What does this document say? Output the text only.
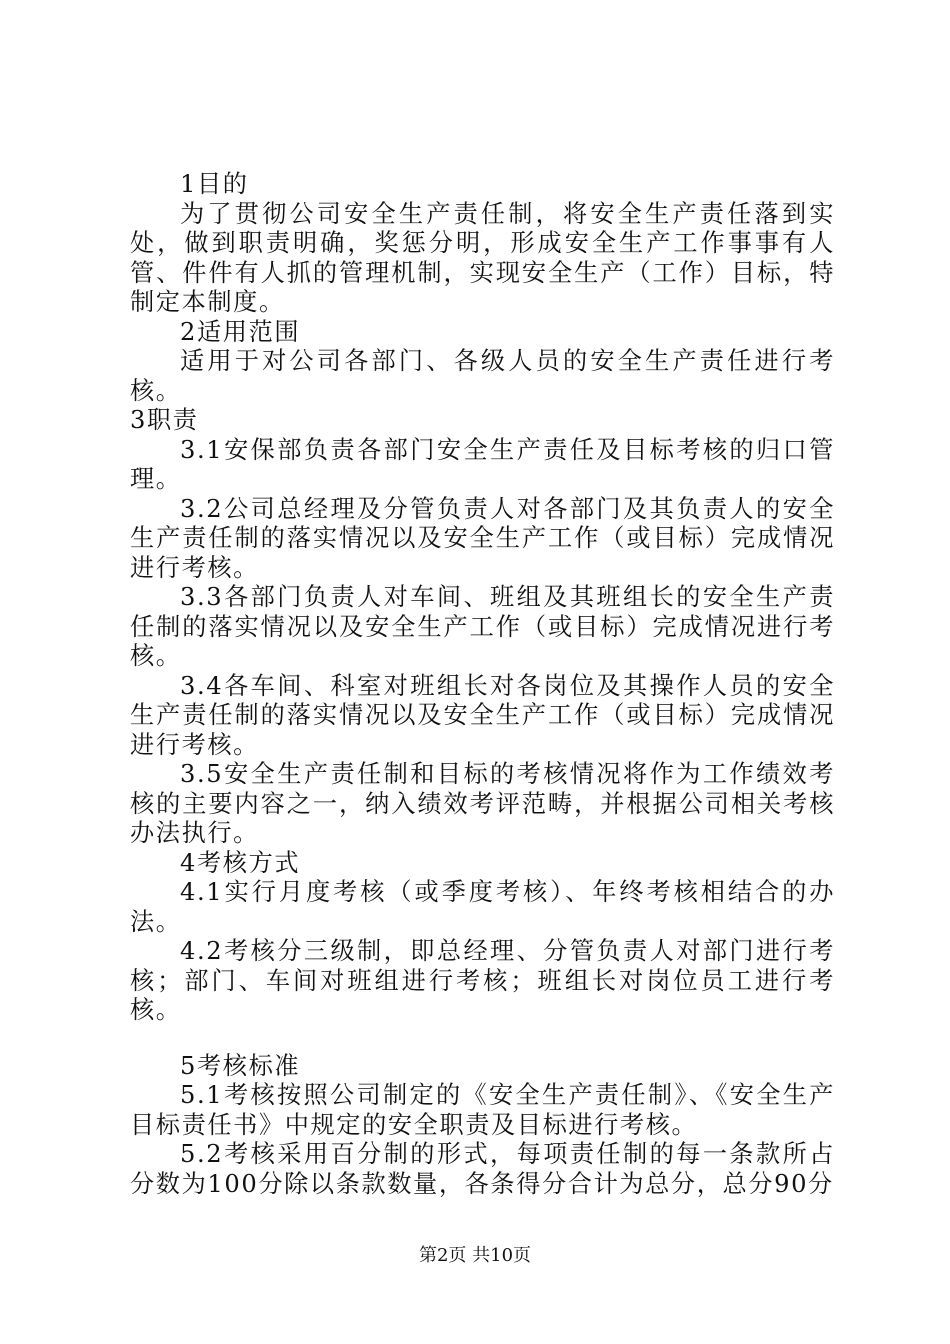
1目的

为了贯彻公司安全生产责任制，将安全生产责任落到实处，做到职责明确，奖惩分明，形成安全生产工作事事有人管、件件有人抓的管理机制，实现安全生产（工作）目标，特制定本制度。

2适用范围

适用于对公司各部门、各级人员的安全生产责任进行考核。

3职责

3.1安保部负责各部门安全生产责任及目标考核的归口管理。

3.2公司总经理及分管负责人对各部门及其负责人的安全生产责任制的落实情况以及安全生产工作（或目标）完成情况进行考核。

3.3各部门负责人对车间、班组及其班组长的安全生产责任制的落实情况以及安全生产工作（或目标）完成情况进行考核。

3.4各车间、科室对班组长对各岗位及其操作人员的安全生产责任制的落实情况以及安全生产工作（或目标）完成情况进行考核。

3.5安全生产责任制和目标的考核情况将作为工作绩效考核的主要内容之一，纳入绩效考评范畴，并根据公司相关考核办法执行。

4考核方式

4.1实行月度考核（或季度考核）、年终考核相结合的办法。

4.2考核分三级制，即总经理、分管负责人对部门进行考核；部门、车间对班组进行考核；班组长对岗位员工进行考核。

5考核标准

5.1考核按照公司制定的《安全生产责任制》、《安全生产目标责任书》中规定的安全职责及目标进行考核。

5.2考核采用百分制的形式，每项责任制的每一条款所占分数为100分除以条款数量，各条得分合计为总分，总分90分

第2页 共10页
